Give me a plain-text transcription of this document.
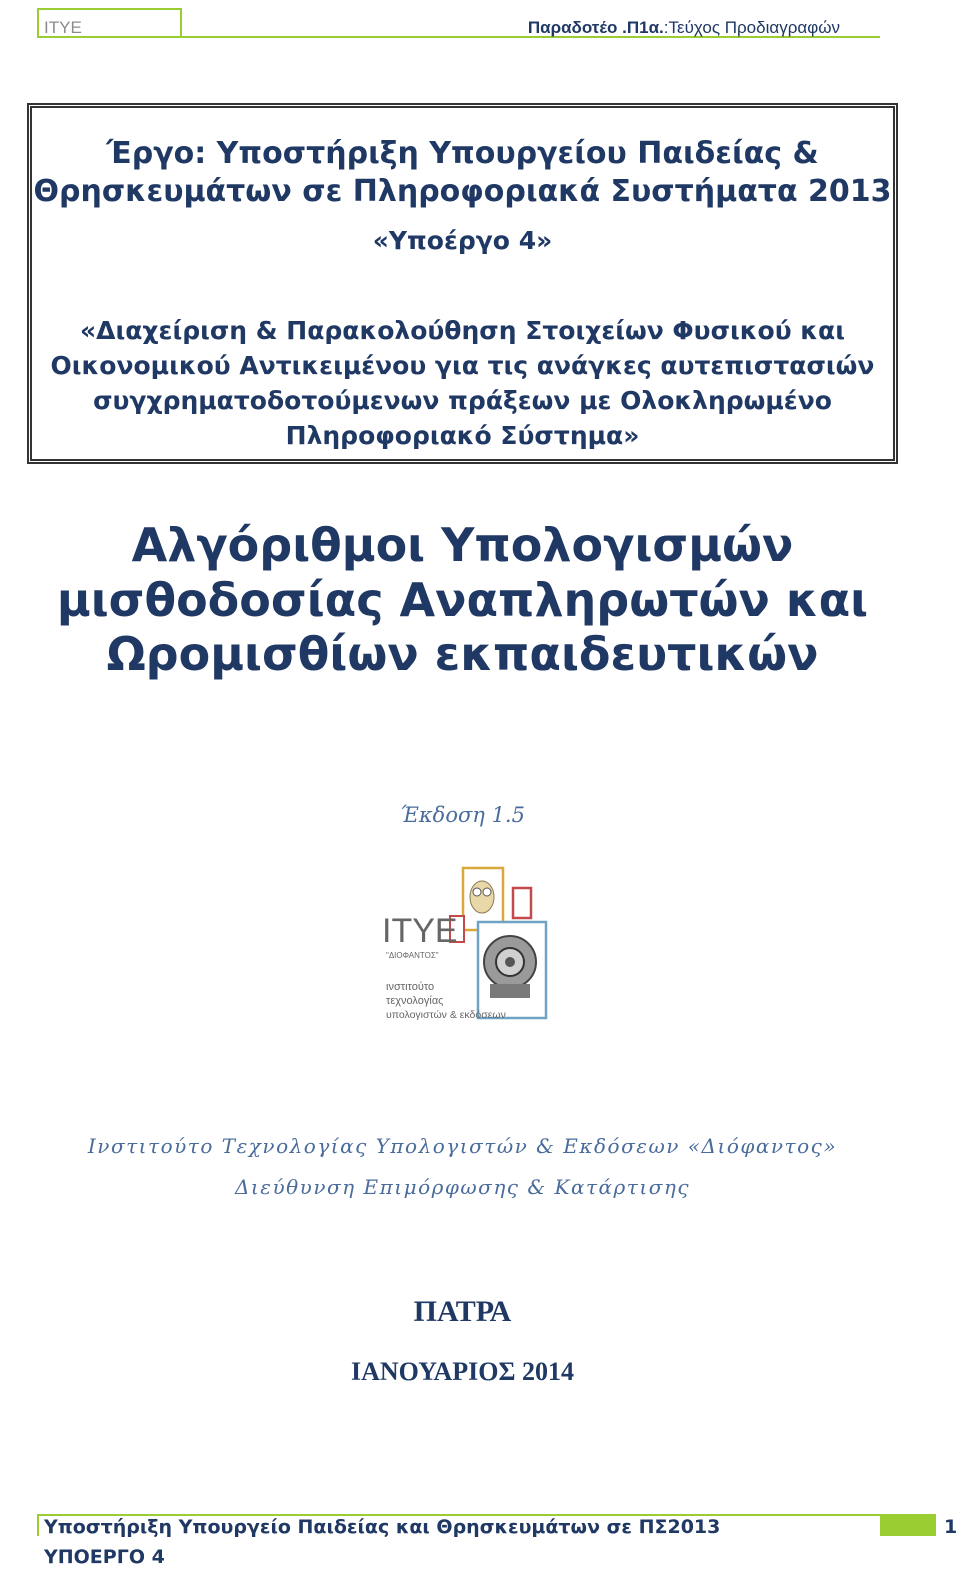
ΙΤΥΕ	Παραδοτέο .Π1α.:Τεύχος Προδιαγραφών
Έργο: Υποστήριξη Υπουργείου Παιδείας &
Θρησκευμάτων σε Πληροφοριακά Συστήματα 2013
«Υποέργο 4»
«Διαχείριση & Παρακολούθηση Στοιχείων Φυσικού και
Οικονομικού Αντικειμένου για τις ανάγκες αυτεπιστασιών
συγχρηματοδοτούμενων πράξεων με Ολοκληρωμένο
Πληροφοριακό Σύστημα»
Αλγόριθμοι Υπολογισμών
μισθοδοσίας Αναπληρωτών και
Ωρομισθίων εκπαιδευτικών
Έκδοση 1.5
ΙΤΥΕ
"ΔΙΟΦΑΝΤΟΣ"
ινστιτούτο
τεχνολογίας
υπολογιστών & εκδόσεων
Ινστιτούτο Τεχνολογίας Υπολογιστών & Εκδόσεων «Διόφαντος»
Διεύθυνση Επιμόρφωσης & Κατάρτισης
ΠΑΤΡΑ
ΙΑΝΟΥΑΡΙΟΣ 2014
Υποστήριξη Υπουργείο Παιδείας και Θρησκευμάτων σε ΠΣ2013
ΥΠΟΕΡΓΟ 4
1
